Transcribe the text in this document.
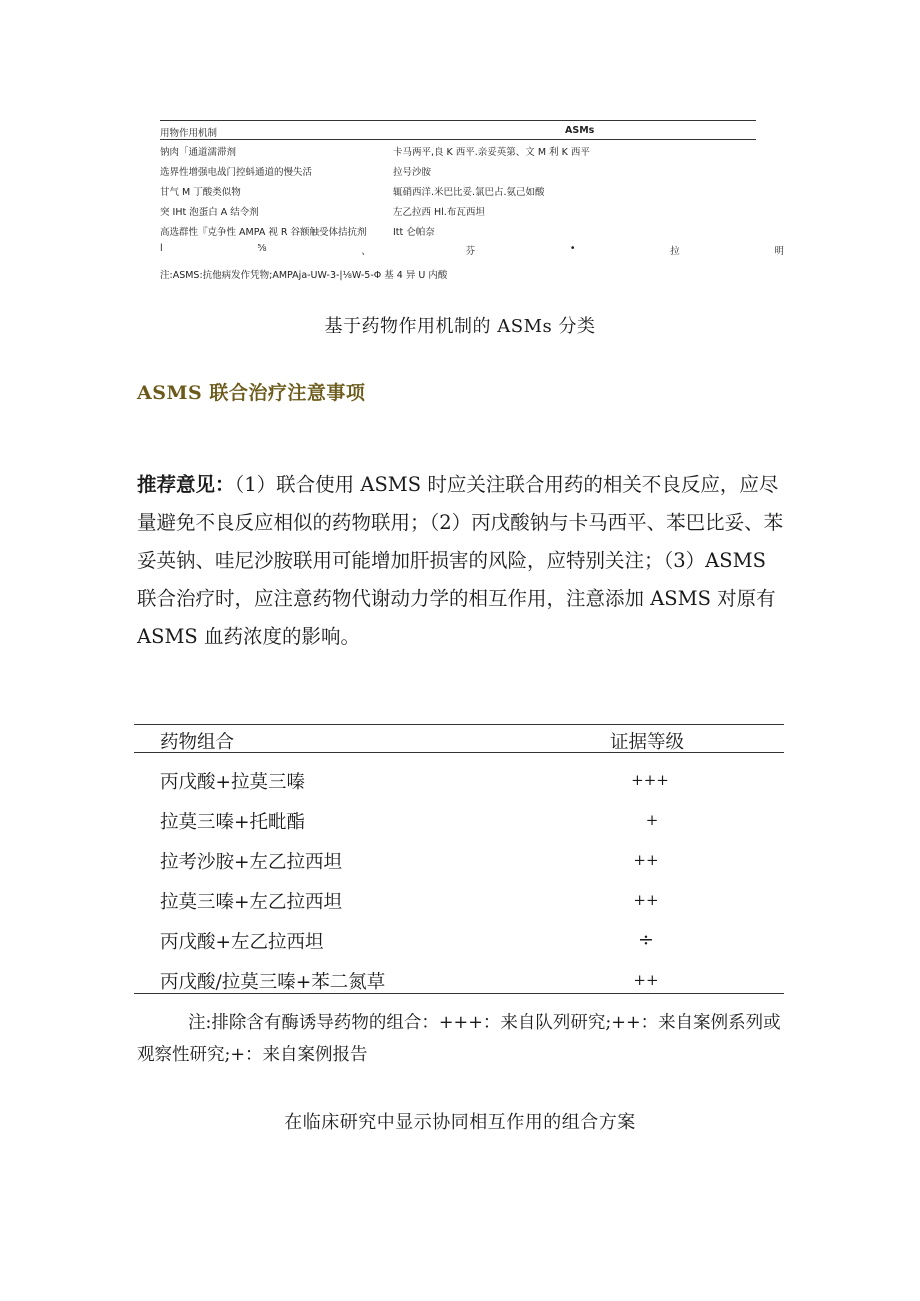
用物作用机制	ASMs
钠肉「通道濡滞剂	卡马两平,良 K 西平.亲妥英第、文 M 利 K 西平
选界性增强电战门控蚪通道的慢失活	拉号沙胺
甘气 M 丁酸类似物	辄硝西洋.米巴比妥.氯巴占.氨己如酸
突 IHt 泡蛋白 A 结令剂	左乙拉西 Hl.布瓦西坦
高选群性『克争性 AMPA 视 R 谷额触受体拮抗剂	Itt 仑帕奈
l	⅝	、	芬	•	拉	明
注:ASMS:抗他病发作凭物;AMPAja-UW-3-|⅛W-5-Φ 基 4 异 U 内酸
基于药物作用机制的 ASMs 分类
ASMS 联合治疗注意事项
推荐意见：（1）联合使用 ASMS 时应关注联合用药的相关不良反应，应尽量避免不良反应相似的药物联用；（2）丙戊酸钠与卡马西平、苯巴比妥、苯妥英钠、哇尼沙胺联用可能增加肝损害的风险，应特别关注；（3）ASMS 联合治疗时，应注意药物代谢动力学的相互作用，注意添加 ASMS 对原有 ASMS 血药浓度的影响。
药物组合	证据等级
丙戊酸+拉莫三嗪	+++
拉莫三嗪+托毗酯	+
拉考沙胺+左乙拉西坦	++
拉莫三嗪+左乙拉西坦	++
丙戊酸+左乙拉西坦	÷
丙戊酸/拉莫三嗪+苯二氮草	++
注:排除含有酶诱导药物的组合：+++：来自队列研究;++：来自案例系列或观察性研究;+：来自案例报告
在临床研究中显示协同相互作用的组合方案
